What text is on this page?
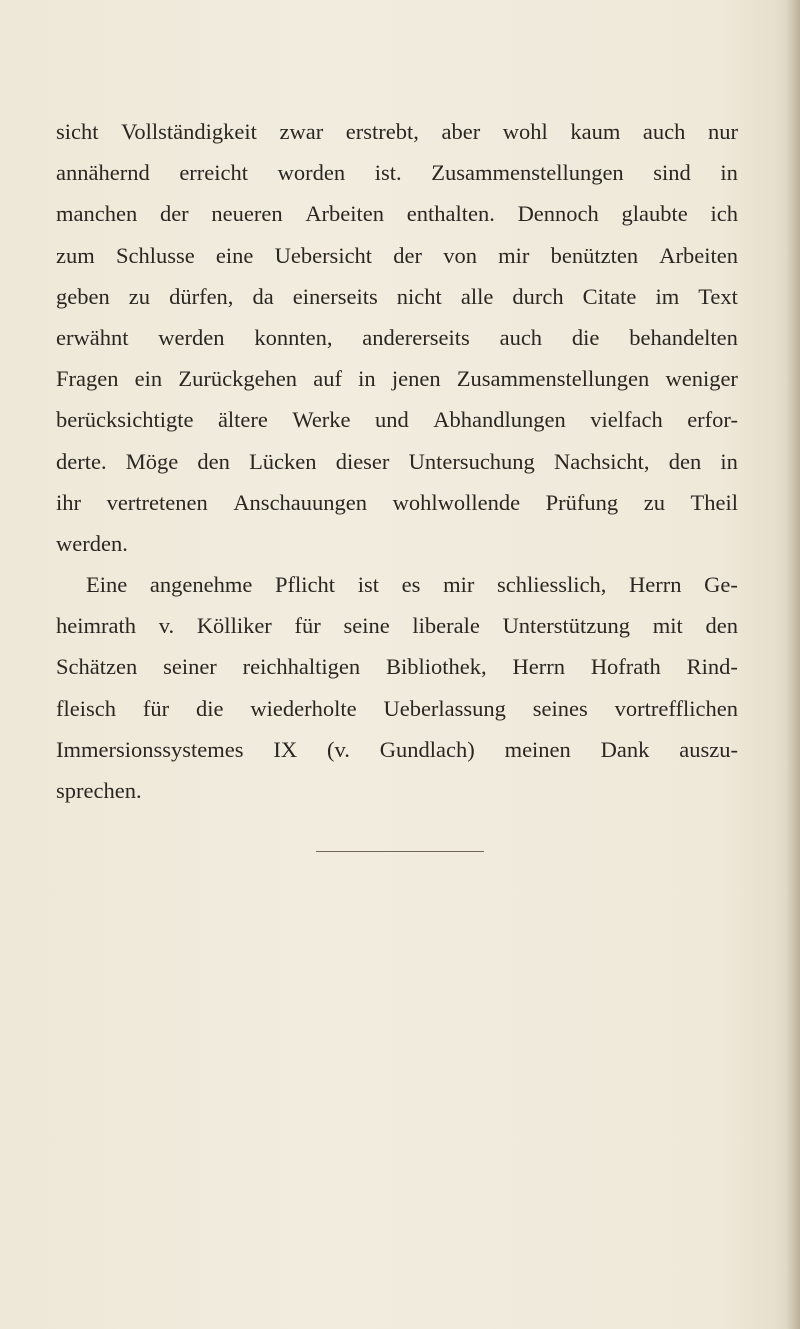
sicht Vollständigkeit zwar erstrebt, aber wohl kaum auch nur
annähernd erreicht worden ist. Zusammenstellungen sind in
manchen der neueren Arbeiten enthalten. Dennoch glaubte ich
zum Schlusse eine Uebersicht der von mir benützten Arbeiten
geben zu dürfen, da einerseits nicht alle durch Citate im Text
erwähnt werden konnten, andererseits auch die behandelten
Fragen ein Zurückgehen auf in jenen Zusammenstellungen weniger
berücksichtigte ältere Werke und Abhandlungen vielfach erfor-
derte. Möge den Lücken dieser Untersuchung Nachsicht, den in
ihr vertretenen Anschauungen wohlwollende Prüfung zu Theil
werden.
Eine angenehme Pflicht ist es mir schliesslich, Herrn Ge-
heimrath v. Kölliker für seine liberale Unterstützung mit den
Schätzen seiner reichhaltigen Bibliothek, Herrn Hofrath Rind-
fleisch für die wiederholte Ueberlassung seines vortrefflichen
Immersionssystemes IX (v. Gundlach) meinen Dank auszu-
sprechen.
